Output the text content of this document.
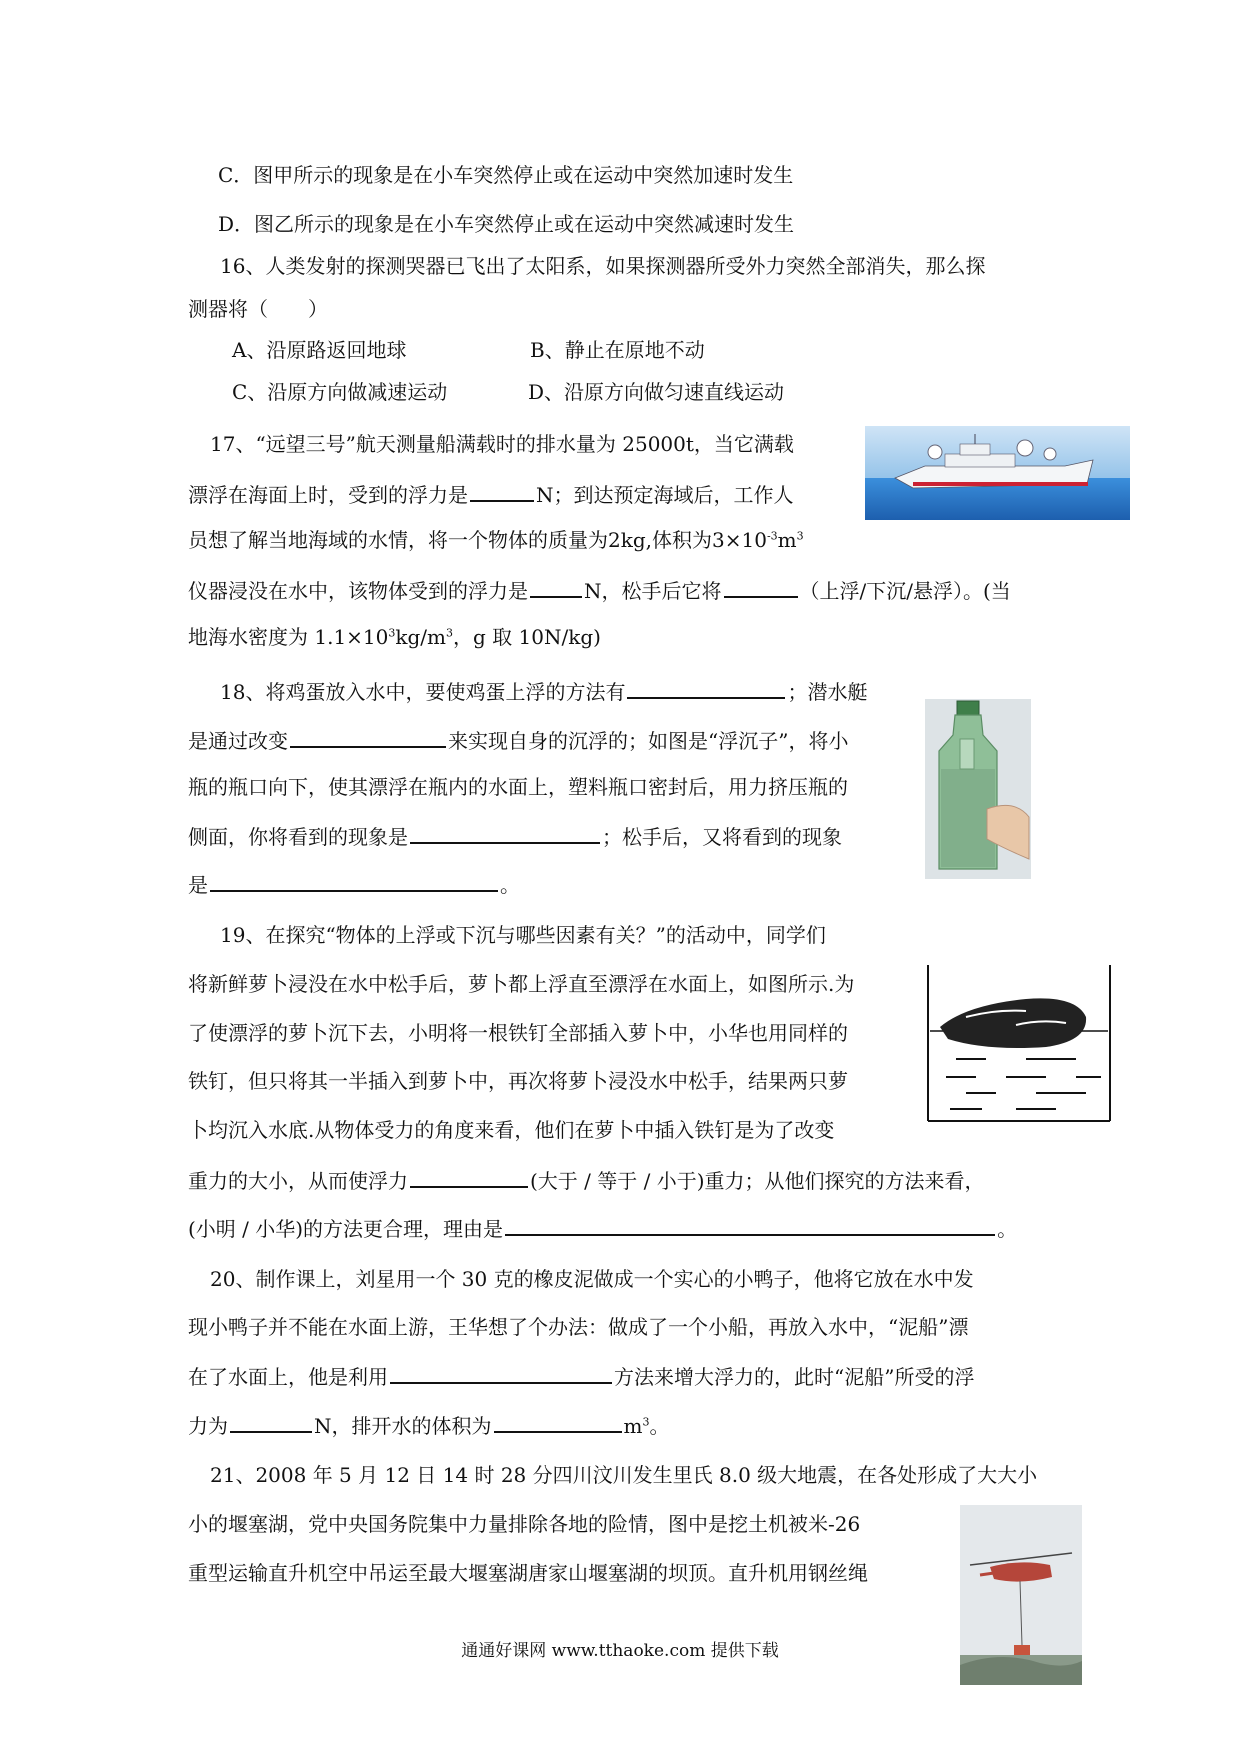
C．图甲所示的现象是在小车突然停止或在运动中突然加速时发生
D．图乙所示的现象是在小车突然停止或在运动中突然减速时发生
16、人类发射的探测哭器已飞出了太阳系，如果探测器所受外力突然全部消失，那么探
测器将（　　）
A、沿原路返回地球	B、静止在原地不动
C、沿原方向做减速运动	D、沿原方向做匀速直线运动
17、“远望三号”航天测量船满载时的排水量为 25000t，当它满载
漂浮在海面上时，受到的浮力是	N；到达预定海域后，工作人
员想了解当地海域的水情，将一个物体的质量为2kg,体积为$3\times 10^{-3}m^3$
仪器浸没在水中，该物体受到的浮力是	N，松手后它将	（上浮/下沉/悬浮）。(当
地海水密度为 $1.1\times 10^3kg/m^3$，g 取 10N/kg)
18、将鸡蛋放入水中，要使鸡蛋上浮的方法有	；潜水艇
是通过改变	来实现自身的沉浮的；如图是“浮沉子”，将小
瓶的瓶口向下，使其漂浮在瓶内的水面上，塑料瓶口密封后，用力挤压瓶的
侧面，你将看到的现象是	；松手后，又将看到的现象
是	。
19、在探究“物体的上浮或下沉与哪些因素有关？”的活动中，同学们
将新鲜萝卜浸没在水中松手后，萝卜都上浮直至漂浮在水面上，如图所示.为
了使漂浮的萝卜沉下去，小明将一根铁钉全部插入萝卜中，小华也用同样的
铁钉，但只将其一半插入到萝卜中，再次将萝卜浸没水中松手，结果两只萝
卜均沉入水底.从物体受力的角度来看，他们在萝卜中插入铁钉是为了改变
重力的大小，从而使浮力	(大于 / 等于 / 小于)重力；从他们探究的方法来看，
(小明 / 小华)的方法更合理，理由是	。
20、制作课上，刘星用一个 30 克的橡皮泥做成一个实心的小鸭子，他将它放在水中发
现小鸭子并不能在水面上游，王华想了个办法：做成了一个小船，再放入水中，“泥船”漂
在了水面上，他是利用	方法来增大浮力的，此时“泥船”所受的浮
力为	N，排开水的体积为	$m^3$。
21、2008 年 5 月 12 日 14 时 28 分四川汶川发生里氏 8.0 级大地震，在各处形成了大大小
小的堰塞湖，党中央国务院集中力量排除各地的险情，图中是挖土机被米-26
重型运输直升机空中吊运至最大堰塞湖唐家山堰塞湖的坝顶。直升机用钢丝绳
通通好课网 www.tthaoke.com 提供下载
